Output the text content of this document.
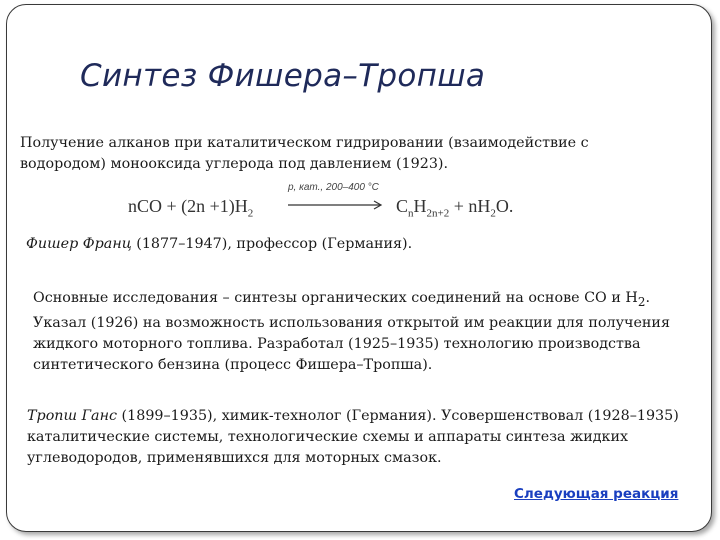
Синтез Фишера–Тропша
Получение алканов при каталитическом гидрировании (взаимодействие с водородом) монооксида углерода под давлением (1923).
nCO + $(2n +1)H_2$
p, кат., 200–400 °C
$C_nH_{2n+2} + nH_2O$.
Фишер Франц (1877–1947), профессор (Германия).
Основные исследования – синтезы органических соединений на основе СО и $Н_2$. Указал (1926) на возможность использования открытой им реакции для получения жидкого моторного топлива. Разработал (1925–1935) технологию производства синтетического бензина (процесс Фишера–Тропша).
Тропш Ганс (1899–1935), химик-технолог (Германия). Усовершенствовал (1928–1935) каталитические системы, технологические схемы и аппараты синтеза жидких углеводородов, применявшихся для моторных смазок.
Следующая реакция
